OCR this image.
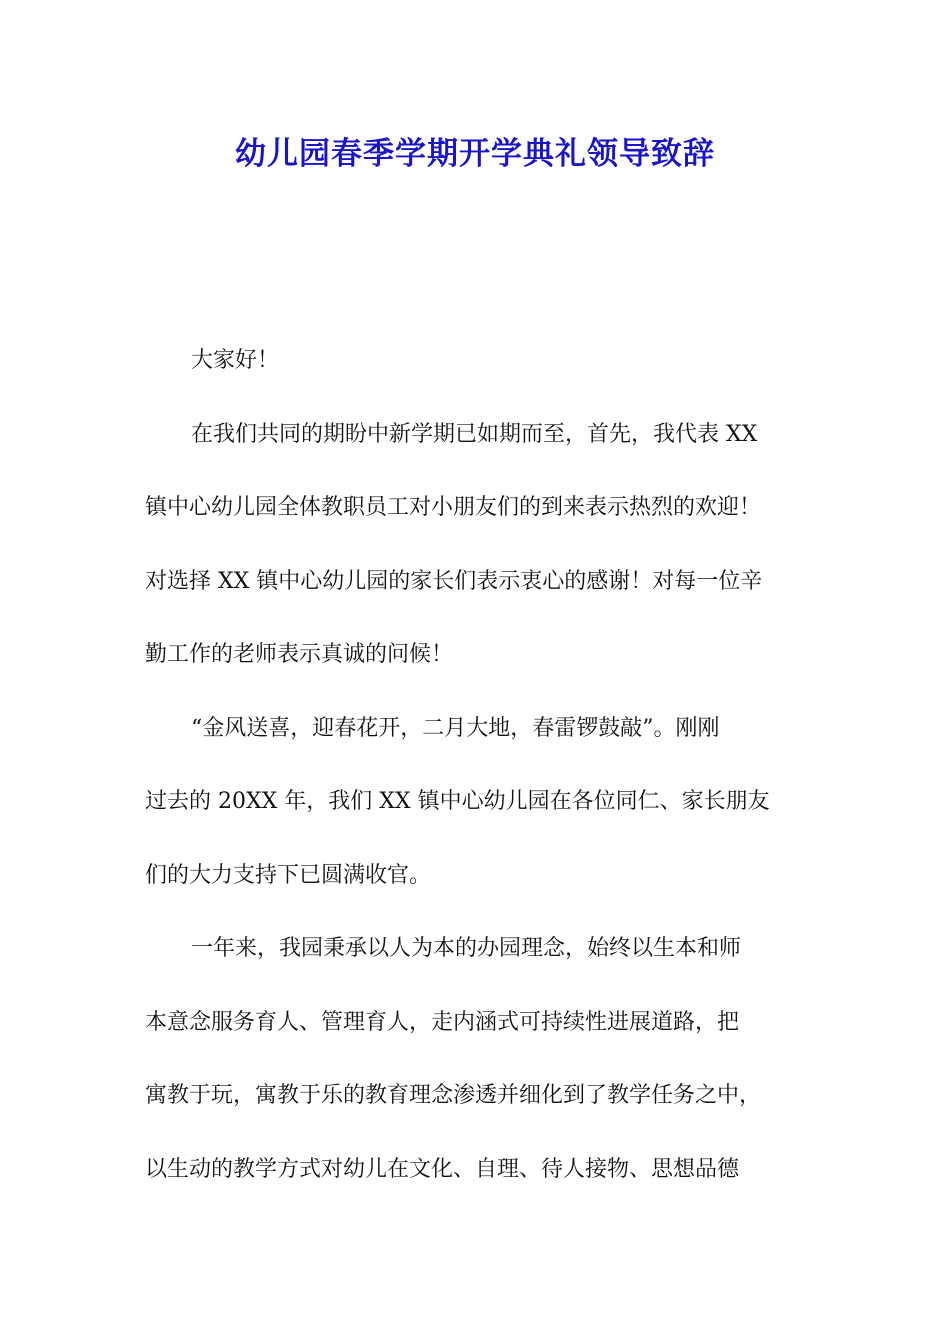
幼儿园春季学期开学典礼领导致辞

大家好！

在我们共同的期盼中新学期已如期而至，首先，我代表 XX

镇中心幼儿园全体教职员工对小朋友们的到来表示热烈的欢迎！

对选择 XX 镇中心幼儿园的家长们表示衷心的感谢！对每一位辛

勤工作的老师表示真诚的问候！

“金风送喜，迎春花开，二月大地，春雷锣鼓敲”。刚刚

过去的 20XX 年，我们 XX 镇中心幼儿园在各位同仁、家长朋友

们的大力支持下已圆满收官。

一年来，我园秉承以人为本的办园理念，始终以生本和师

本意念服务育人、管理育人，走内涵式可持续性进展道路，把

寓教于玩，寓教于乐的教育理念渗透并细化到了教学任务之中，

以生动的教学方式对幼儿在文化、自理、待人接物、思想品德
